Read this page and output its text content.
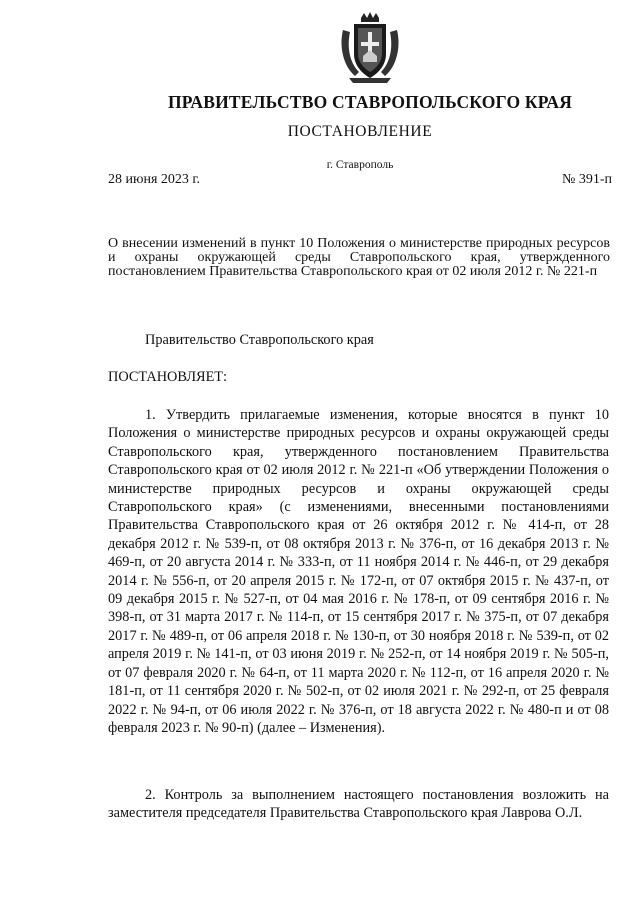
ПРАВИТЕЛЬСТВО СТАВРОПОЛЬСКОГО КРАЯ
ПОСТАНОВЛЕНИЕ
г. Ставрополь
28 июня 2023 г.	№ 391-п
О внесении изменений в пункт 10 Положения о министерстве природных ресурсов и охраны окружающей среды Ставропольского края, утвержденного постановлением Правительства Ставропольского края от 02 июля 2012 г. № 221-п
Правительство Ставропольского края
ПОСТАНОВЛЯЕТ:

1. Утвердить прилагаемые изменения, которые вносятся в пункт 10 Положения о министерстве природных ресурсов и охраны окружающей среды Ставропольского края, утвержденного постановлением Правительства Ставропольского края от 02 июля 2012 г. № 221-п «Об утверждении Положения о министерстве природных ресурсов и охраны окружающей среды Ставропольского края» (с изменениями, внесенными постановлениями Правительства Ставропольского края от 26 октября 2012 г. № 414-п, от 28 декабря 2012 г. № 539-п, от 08 октября 2013 г. № 376-п, от 16 декабря 2013 г. № 469-п, от 20 августа 2014 г. № 333-п, от 11 ноября 2014 г. № 446-п, от 29 декабря 2014 г. № 556-п, от 20 апреля 2015 г. № 172-п, от 07 октября 2015 г. № 437-п, от 09 декабря 2015 г. № 527-п, от 04 мая 2016 г. № 178-п, от 09 сентября 2016 г. № 398-п, от 31 марта 2017 г. № 114-п, от 15 сентября 2017 г. № 375-п, от 07 декабря 2017 г. № 489-п, от 06 апреля 2018 г. № 130-п, от 30 ноября 2018 г. № 539-п, от 02 апреля 2019 г. № 141-п, от 03 июня 2019 г. № 252-п, от 14 ноября 2019 г. № 505-п, от 07 февраля 2020 г. № 64-п, от 11 марта 2020 г. № 112-п, от 16 апреля 2020 г. № 181-п, от 11 сентября 2020 г. № 502-п, от 02 июля 2021 г. № 292-п, от 25 февраля 2022 г. № 94-п, от 06 июля 2022 г. № 376-п, от 18 августа 2022 г. № 480-п и от 08 февраля 2023 г. № 90-п) (далее – Изменения).

2. Контроль за выполнением настоящего постановления возложить на заместителя председателя Правительства Ставропольского края Лаврова О.Л.
